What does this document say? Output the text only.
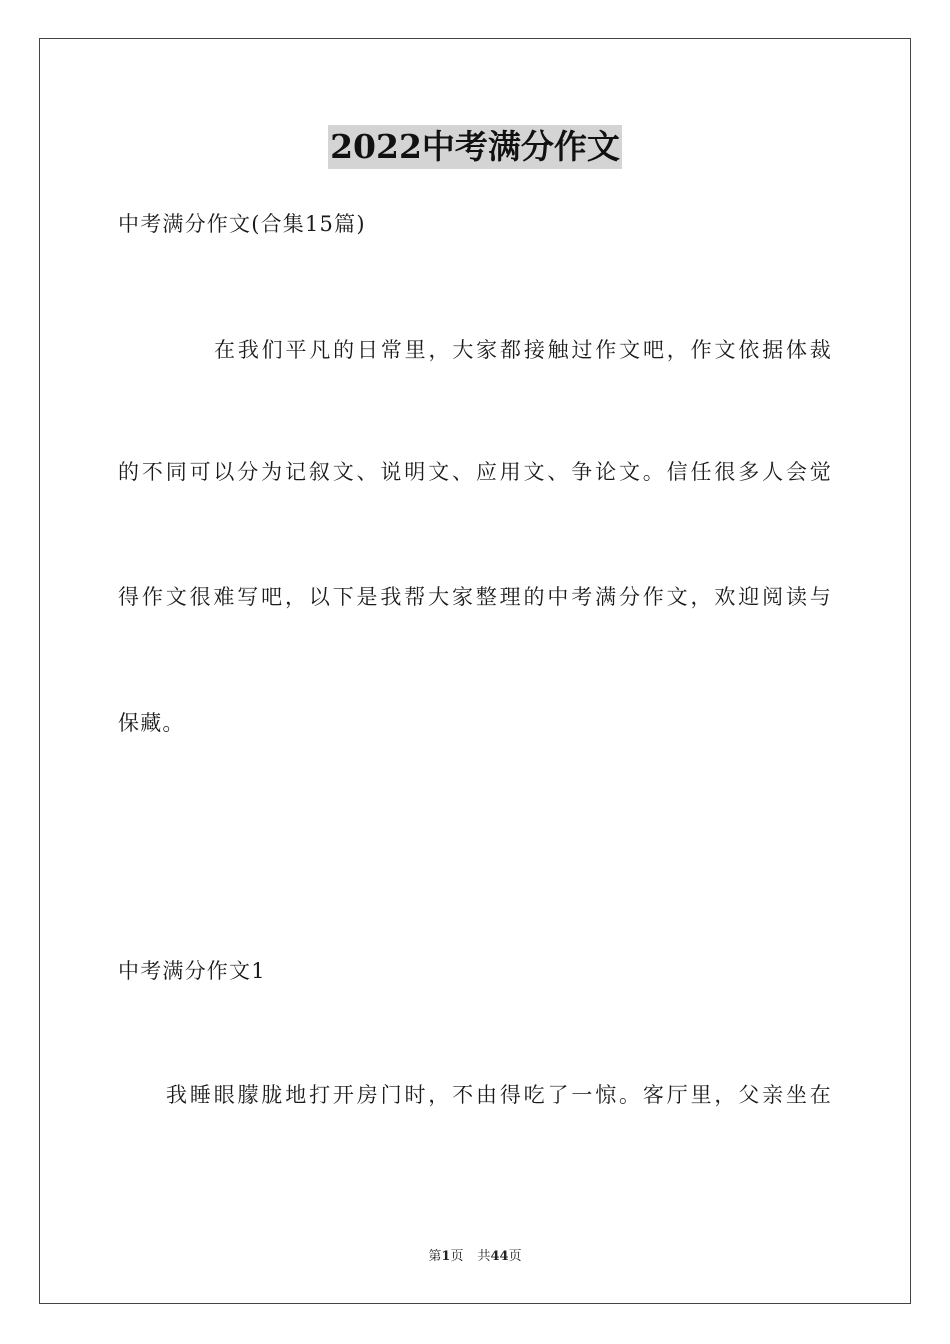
2022中考满分作文
中考满分作文(合集15篇)
在我们平凡的日常里，大家都接触过作文吧，作文依据体裁
的不同可以分为记叙文、说明文、应用文、争论文。信任很多人会觉
得作文很难写吧，以下是我帮大家整理的中考满分作文，欢迎阅读与
保藏。
中考满分作文1
我睡眼朦胧地打开房门时，不由得吃了一惊。客厅里，父亲坐在
第1页 共44页
